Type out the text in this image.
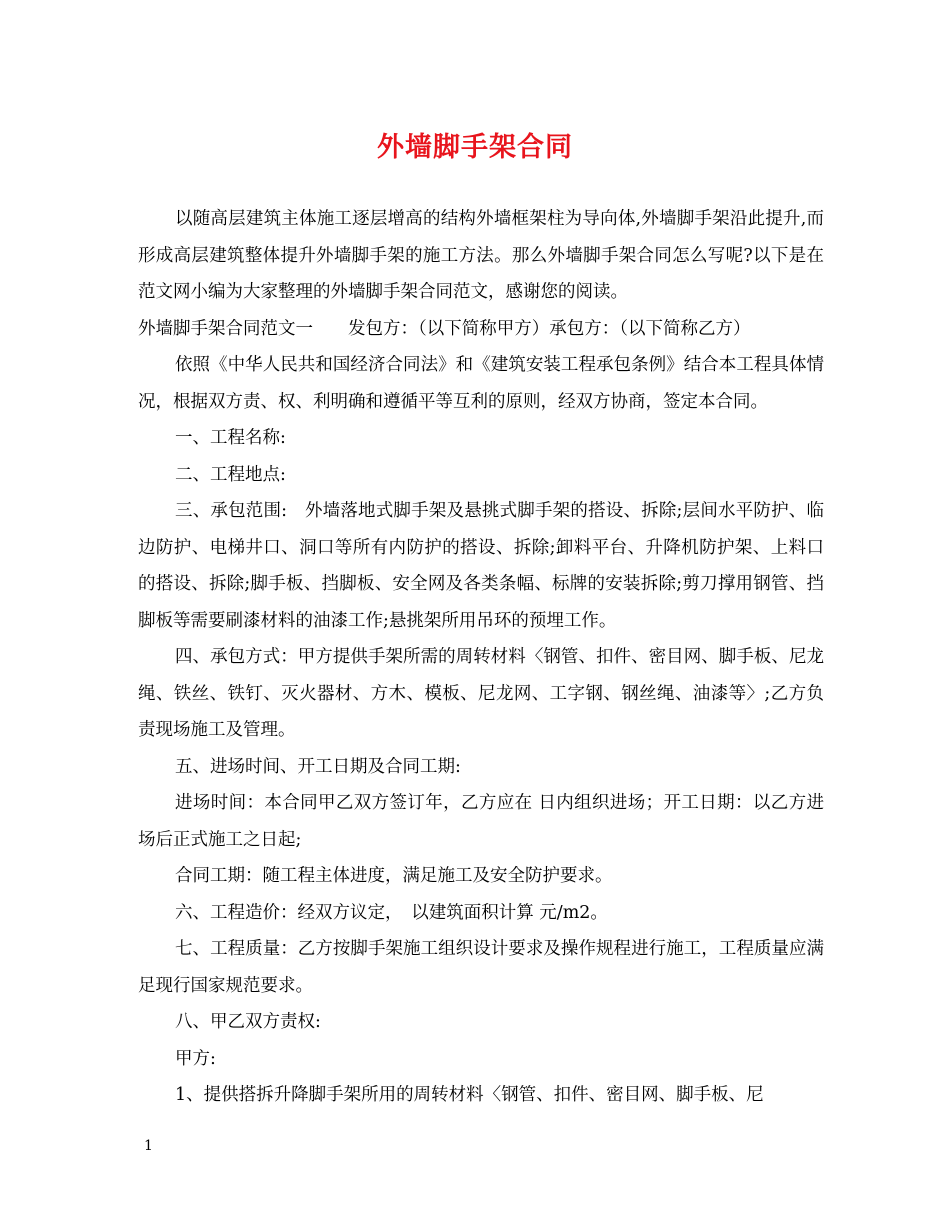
外墙脚手架合同

以随高层建筑主体施工逐层增高的结构外墙框架柱为导向体,外墙脚手架沿此提升,而形成高层建筑整体提升外墙脚手架的施工方法。那么外墙脚手架合同怎么写呢?以下是在范文网小编为大家整理的外墙脚手架合同范文，感谢您的阅读。

外墙脚手架合同范文一　　发包方：（以下简称甲方）承包方：（以下简称乙方）

依照《中华人民共和国经济合同法》和《建筑安装工程承包条例》结合本工程具体情况，根据双方责、权、利明确和遵循平等互利的原则，经双方协商，签定本合同。

一、工程名称:

二、工程地点:

三、承包范围:　外墙落地式脚手架及悬挑式脚手架的搭设、拆除;层间水平防护、临边防护、电梯井口、洞口等所有内防护的搭设、拆除;卸料平台、升降机防护架、上料口的搭设、拆除;脚手板、挡脚板、安全网及各类条幅、标牌的安装拆除;剪刀撑用钢管、挡脚板等需要刷漆材料的油漆工作;悬挑架所用吊环的预埋工作。

四、承包方式：甲方提供手架所需的周转材料〈钢管、扣件、密目网、脚手板、尼龙绳、铁丝、铁钉、灭火器材、方木、模板、尼龙网、工字钢、钢丝绳、油漆等〉;乙方负责现场施工及管理。

五、进场时间、开工日期及合同工期:

进场时间：本合同甲乙双方签订年，乙方应在 日内组织进场；开工日期：以乙方进场后正式施工之日起;

合同工期：随工程主体进度，满足施工及安全防护要求。

六、工程造价：经双方议定，　以建筑面积计算 元/m2。

七、工程质量：乙方按脚手架施工组织设计要求及操作规程进行施工，工程质量应满足现行国家规范要求。

八、甲乙双方责权:

甲方:

1、提供搭拆升降脚手架所用的周转材料〈钢管、扣件、密目网、脚手板、尼

1
